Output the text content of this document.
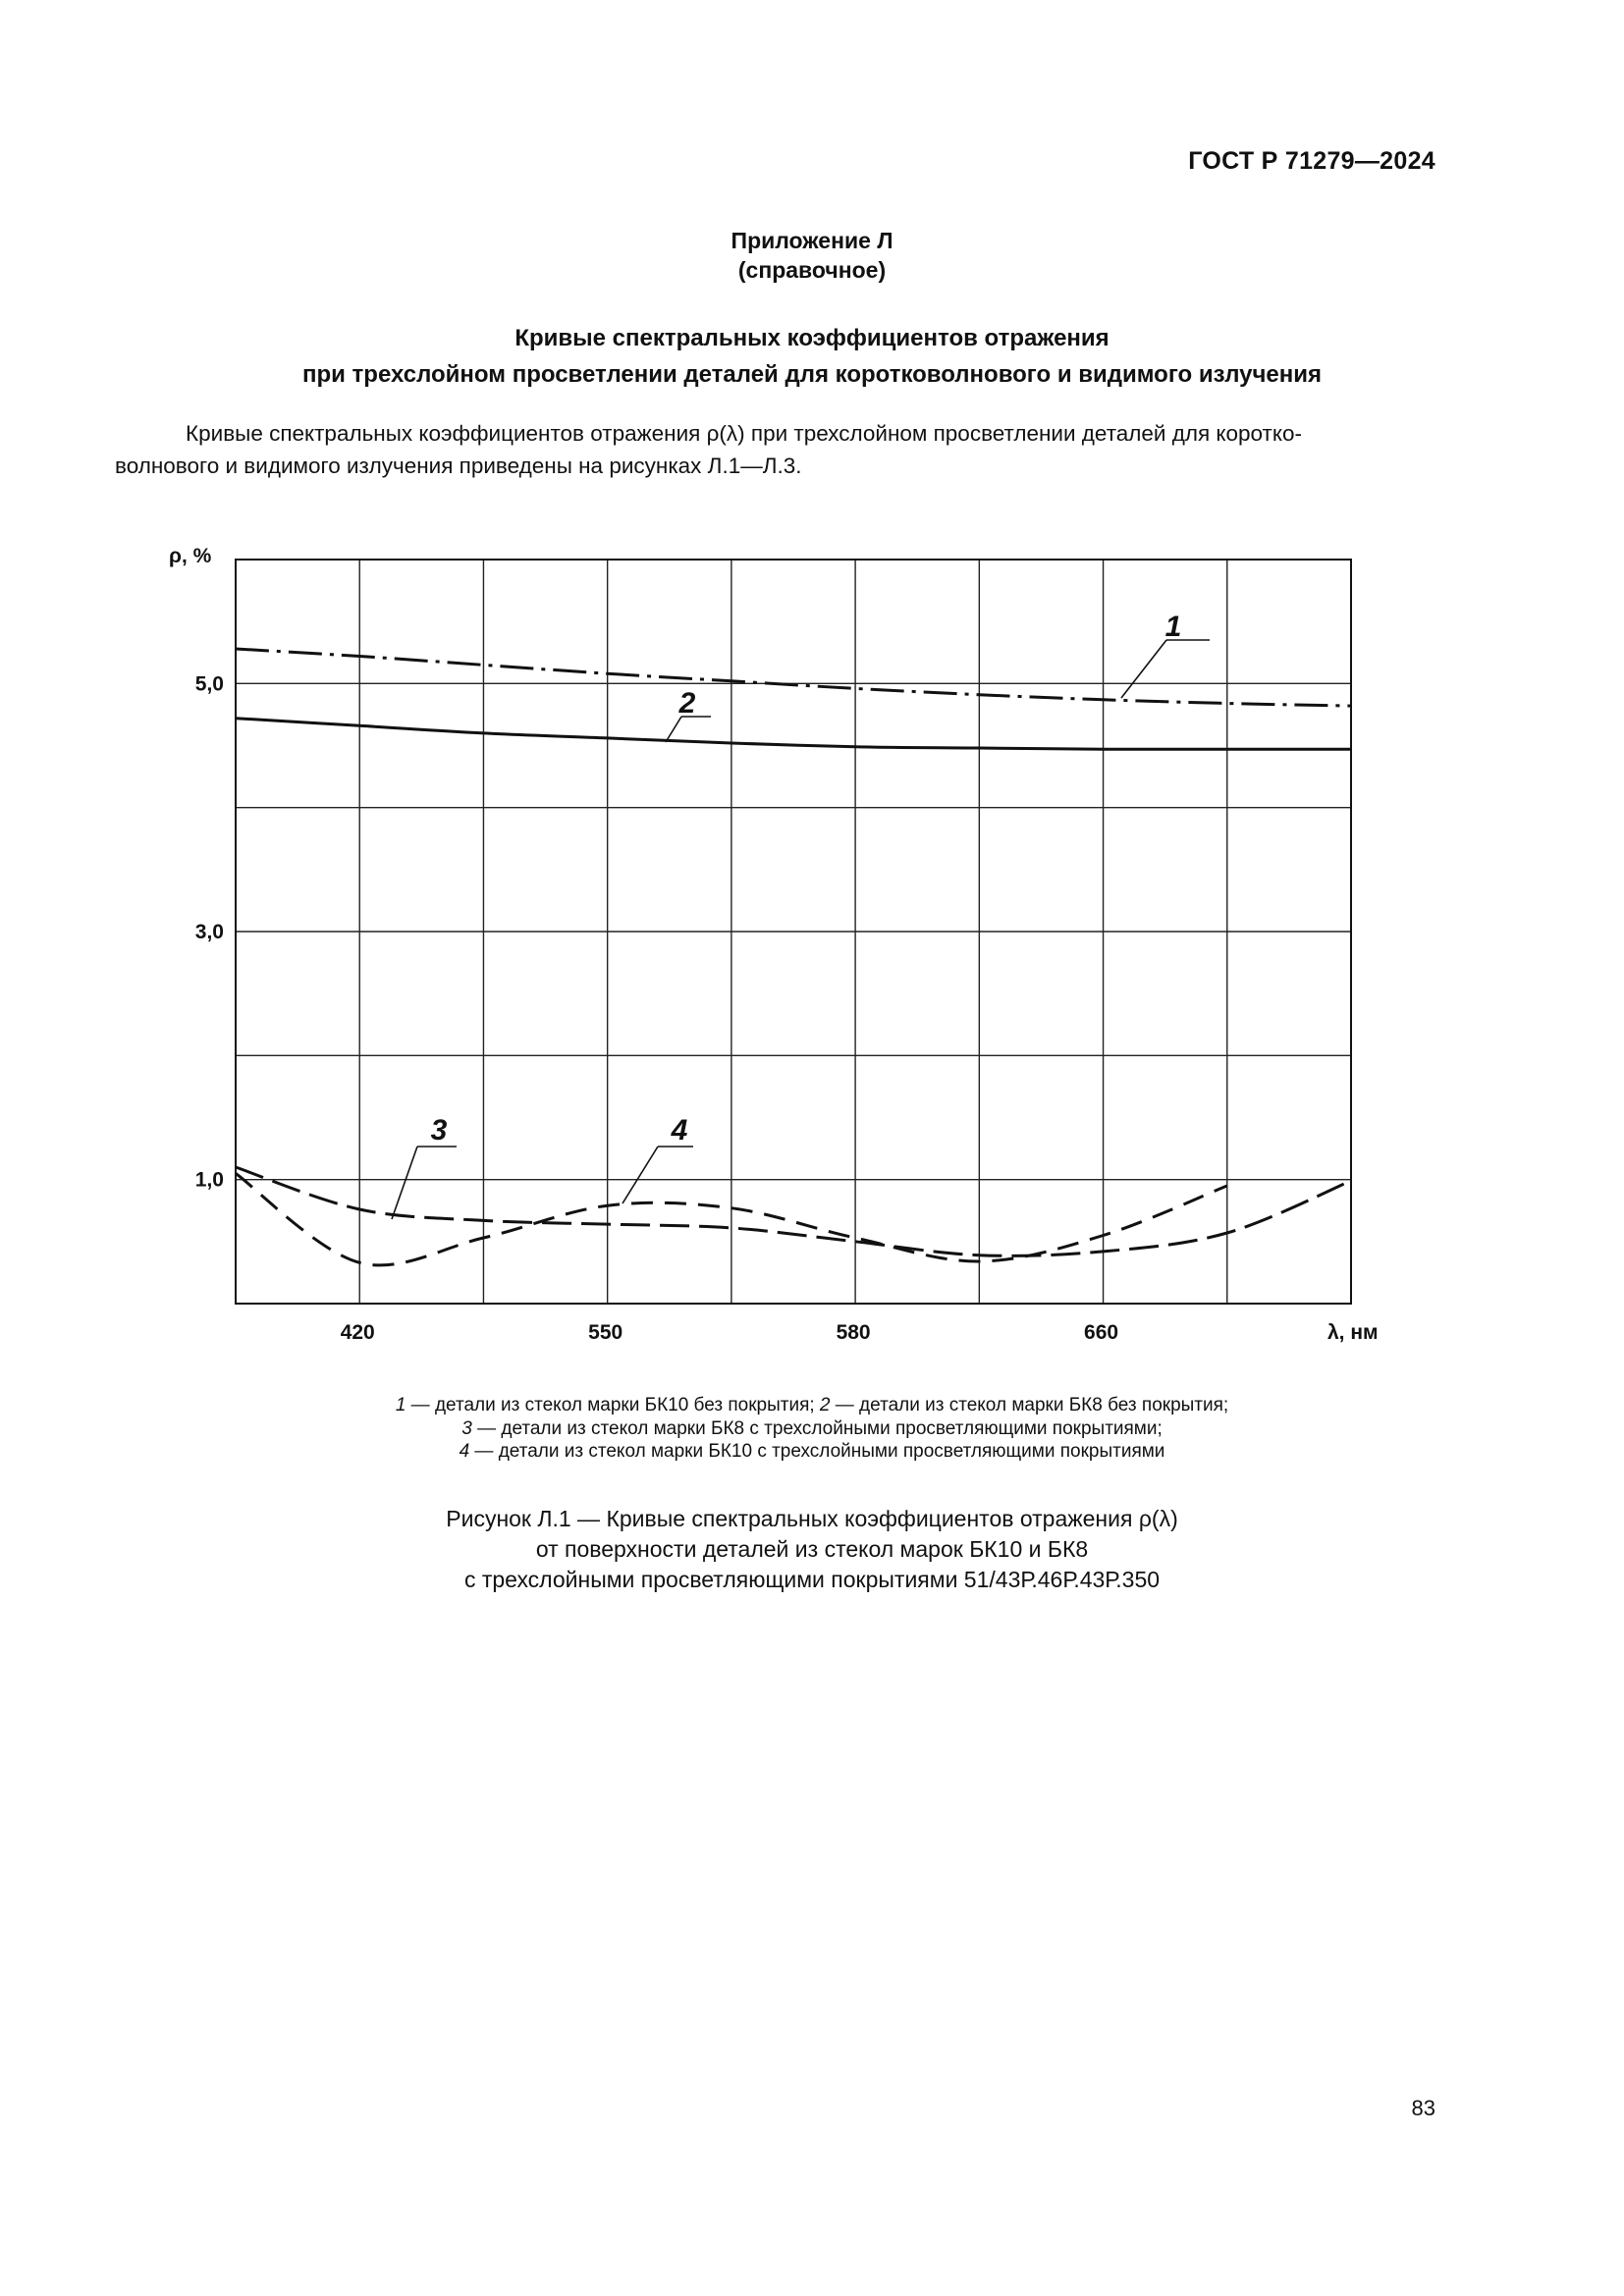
ГОСТ Р 71279—2024
Приложение Л
(справочное)
Кривые спектральных коэффициентов отражения
при трехслойном просветлении деталей для коротковолнового и видимого излучения
Кривые спектральных коэффициентов отражения ρ(λ) при трехслойном просветлении деталей для коротко-
волнового и видимого излучения приведены на рисунках Л.1—Л.3.
420	550	580	660
5,0
3,0
1,0
ρ, %
λ, нм
1
2
3	4
1 — детали из стекол марки БК10 без покрытия; 2 — детали из стекол марки БК8 без покрытия;
3 — детали из стекол марки БК8 с трехслойными просветляющими покрытиями;
4 — детали из стекол марки БК10 с трехслойными просветляющими покрытиями
Рисунок Л.1 — Кривые спектральных коэффициентов отражения ρ(λ)
от поверхности деталей из стекол марок БК10 и БК8
с трехслойными просветляющими покрытиями 51/43Р.46Р.43Р.350
83
